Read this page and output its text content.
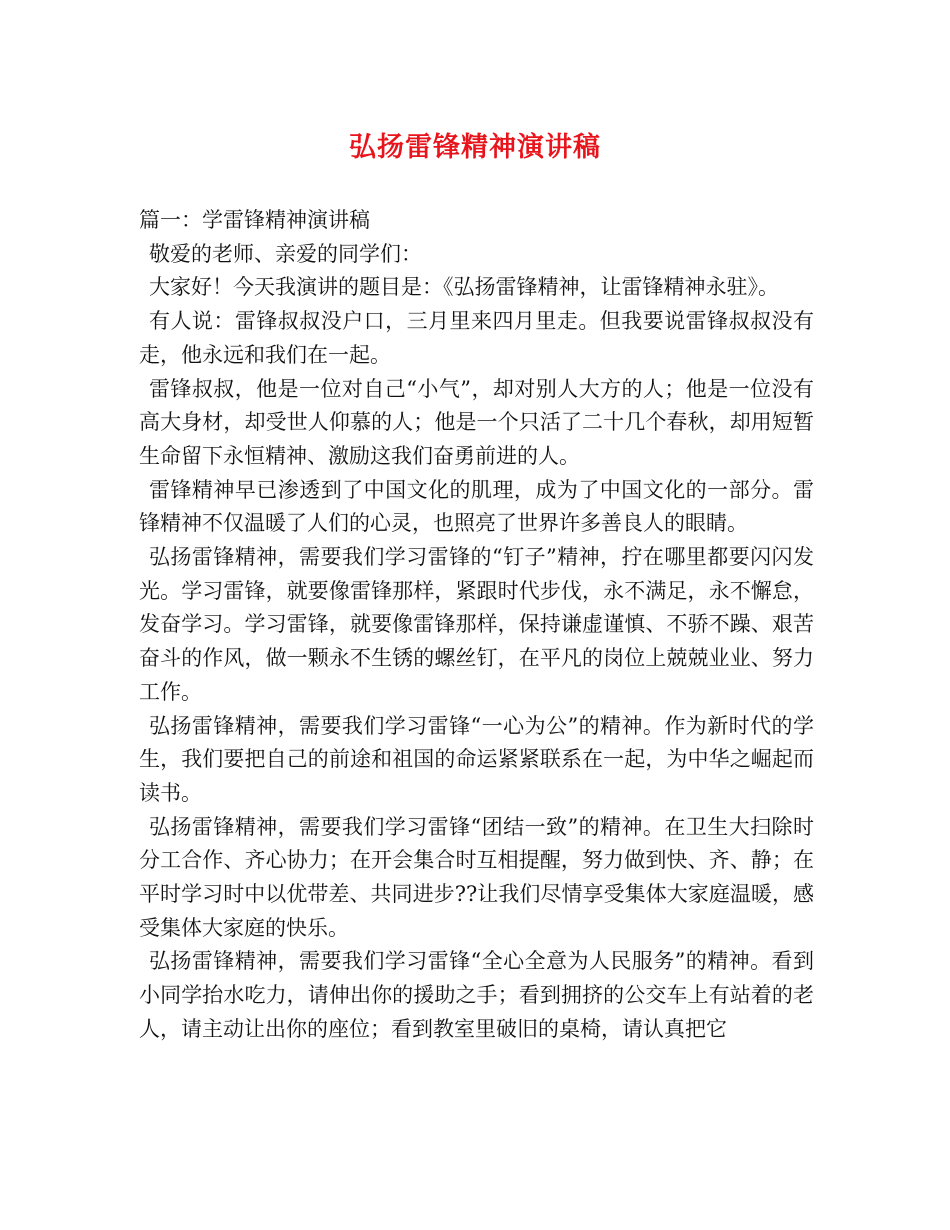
弘扬雷锋精神演讲稿

篇一：学雷锋精神演讲稿

敬爱的老师、亲爱的同学们：

大家好！今天我演讲的题目是：《弘扬雷锋精神，让雷锋精神永驻》。

有人说：雷锋叔叔没户口，三月里来四月里走。但我要说雷锋叔叔没有走，他永远和我们在一起。

雷锋叔叔，他是一位对自己“小气”，却对别人大方的人；他是一位没有高大身材，却受世人仰慕的人；他是一个只活了二十几个春秋，却用短暂生命留下永恒精神、激励这我们奋勇前进的人。

雷锋精神早已渗透到了中国文化的肌理，成为了中国文化的一部分。雷锋精神不仅温暖了人们的心灵，也照亮了世界许多善良人的眼睛。

弘扬雷锋精神，需要我们学习雷锋的“钉子”精神，拧在哪里都要闪闪发光。学习雷锋，就要像雷锋那样，紧跟时代步伐，永不满足，永不懈怠，发奋学习。学习雷锋，就要像雷锋那样，保持谦虚谨慎、不骄不躁、艰苦奋斗的作风，做一颗永不生锈的螺丝钉，在平凡的岗位上兢兢业业、努力工作。

弘扬雷锋精神，需要我们学习雷锋“一心为公”的精神。作为新时代的学生，我们要把自己的前途和祖国的命运紧紧联系在一起，为中华之崛起而读书。

弘扬雷锋精神，需要我们学习雷锋“团结一致”的精神。在卫生大扫除时分工合作、齐心协力；在开会集合时互相提醒，努力做到快、齐、静；在平时学习时中以优带差、共同进步??让我们尽情享受集体大家庭温暖，感受集体大家庭的快乐。

弘扬雷锋精神，需要我们学习雷锋“全心全意为人民服务”的精神。看到小同学抬水吃力，请伸出你的援助之手；看到拥挤的公交车上有站着的老人，请主动让出你的座位；看到教室里破旧的桌椅，请认真把它
